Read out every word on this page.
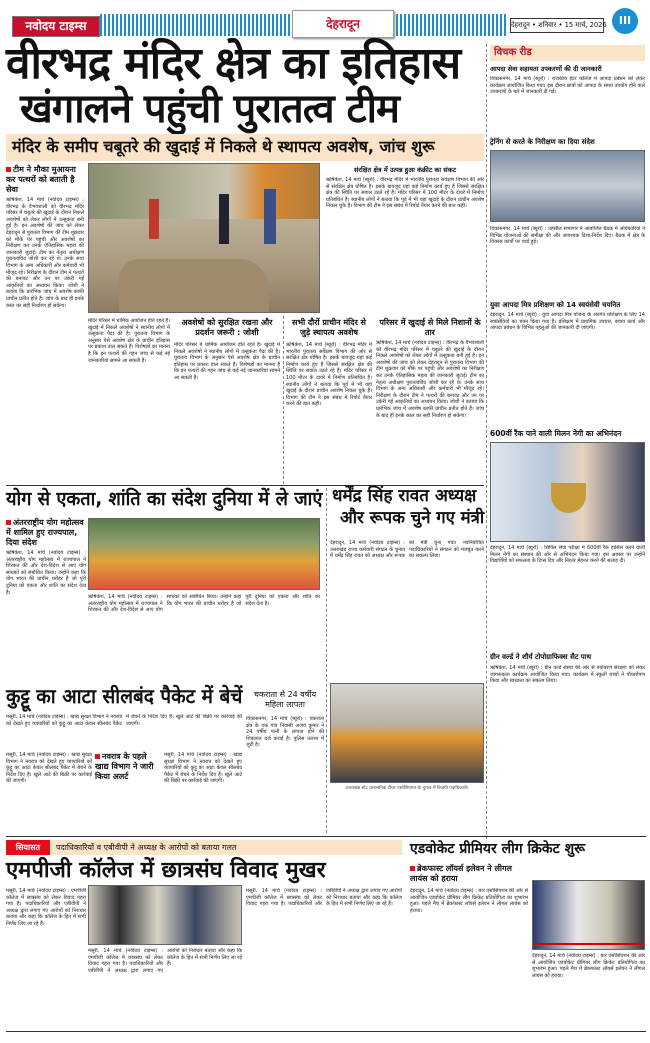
नवोदय टाइम्स	देहरादून	देहरादून • शनिवार • 15 मार्च, 2026	III
वीरभद्र मंदिर क्षेत्र का इतिहास
खंगालने पहुंची पुरातत्व टीम
मंदिर के समीप चबूतरे की खुदाई में निकले थे स्थापत्य अवशेष, जांच शुरू
टीम ने मौका मुआयना कर पत्थरों को बताती है सेवा
ऋषिकेश, 14 मार्च (नवोदय टाइम्स) : वीरभद्र के वैभवशाली को वीरभद्र मंदिर परिसर में चबूतरे की खुदाई के दौरान निकले अवशेषों को लेकर लोगों में उत्सुकता बनी हुई है। इन अवशेषों की जांच को लेकर देहरादून से पुरातत्व विभाग की टीम शुक्रवार को मौके पर पहुंची और अवशेषों का निरीक्षण कर उनके ऐतिहासिक महत्व की जानकारी जुटाई। टीम का नेतृत्व अधीक्षण पुरातत्वविद जोशी कर रहे थे। उनके साथ विभाग के अन्य अधिकारी और कर्मचारी भी मौजूद रहे। निरीक्षण के दौरान टीम ने पत्थरों की बनावट और उन पर उकेरी गई आकृतियों का अध्ययन किया। जोशी ने बताया कि प्रारंभिक जांच में अवशेष काफी प्राचीन प्रतीत होते हैं। जांच के बाद ही इनके काल का सही निर्धारण हो सकेगा।
संरक्षित क्षेत्र में उत्पन्न हुआ कंक्रीट का संकट
ऋषिकेश, 14 मार्च (ब्यूरो) : वीरभद्र मंदिर में भारतीय पुरातत्व सर्वेक्षण विभाग की ओर से संरक्षित क्षेत्र घोषित है। इसके बावजूद यहां कई निर्माण कार्य हुए हैं जिससे संरक्षित क्षेत्र की स्थिति पर सवाल उठते रहे हैं। मंदिर परिसर में 100 मीटर के दायरे में निर्माण प्रतिबंधित है। स्थानीय लोगों ने बताया कि पूर्व में भी यहां खुदाई के दौरान प्राचीन अवशेष निकल चुके हैं। विभाग की टीम ने इस संबंध में रिपोर्ट तैयार करने की बात कही।
मंदिर परिसर में धार्मिक आयोजन होते रहते हैं। खुदाई में निकले अवशेषों ने स्थानीय लोगों में उत्सुकता पैदा की है। पुरातत्व विभाग के अनुसार ऐसे अवशेष क्षेत्र के प्राचीन इतिहास पर प्रकाश डाल सकते हैं। विशेषज्ञों का मानना है कि इन पत्थरों की गहन जांच से कई नई जानकारियां सामने आ सकती हैं।
अवशेषों को सुरक्षित रखना और प्रदर्शन जरूरी : जोशी
मंदिर परिसर में धार्मिक आयोजन होते रहते हैं। खुदाई में निकले अवशेषों ने स्थानीय लोगों में उत्सुकता पैदा की है। पुरातत्व विभाग के अनुसार ऐसे अवशेष क्षेत्र के प्राचीन इतिहास पर प्रकाश डाल सकते हैं। विशेषज्ञों का मानना है कि इन पत्थरों की गहन जांच से कई नई जानकारियां सामने आ सकती हैं।
सभी दौरों प्राचीन मंदिर से जुड़े स्थापत्य अवशेष
ऋषिकेश, 14 मार्च (ब्यूरो) : वीरभद्र मंदिर में भारतीय पुरातत्व सर्वेक्षण विभाग की ओर से संरक्षित क्षेत्र घोषित है। इसके बावजूद यहां कई निर्माण कार्य हुए हैं जिससे संरक्षित क्षेत्र की स्थिति पर सवाल उठते रहे हैं। मंदिर परिसर में 100 मीटर के दायरे में निर्माण प्रतिबंधित है। स्थानीय लोगों ने बताया कि पूर्व में भी यहां खुदाई के दौरान प्राचीन अवशेष निकल चुके हैं। विभाग की टीम ने इस संबंध में रिपोर्ट तैयार करने की बात कही।
परिसर में खुदाई से मिले निशानों के तार
ऋषिकेश, 14 मार्च (नवोदय टाइम्स) : वीरभद्र के वैभवशाली को वीरभद्र मंदिर परिसर में चबूतरे की खुदाई के दौरान निकले अवशेषों को लेकर लोगों में उत्सुकता बनी हुई है। इन अवशेषों की जांच को लेकर देहरादून से पुरातत्व विभाग की टीम शुक्रवार को मौके पर पहुंची और अवशेषों का निरीक्षण कर उनके ऐतिहासिक महत्व की जानकारी जुटाई। टीम का नेतृत्व अधीक्षण पुरातत्वविद जोशी कर रहे थे। उनके साथ विभाग के अन्य अधिकारी और कर्मचारी भी मौजूद रहे। निरीक्षण के दौरान टीम ने पत्थरों की बनावट और उन पर उकेरी गई आकृतियों का अध्ययन किया। जोशी ने बताया कि प्रारंभिक जांच में अवशेष काफी प्राचीन प्रतीत होते हैं। जांच के बाद ही इनके काल का सही निर्धारण हो सकेगा।
विचक रीड
आपदा सेवा सहायता उपकरणों की दी जानकारी
विकासनगर, 14 मार्च (ब्यूरो) : राजकीय इंटर कॉलेज में आपदा प्रबंधन को लेकर कार्यक्रम आयोजित किया गया। इस दौरान छात्रों को आपदा के समय उपयोग होने वाले उपकरणों के बारे में जानकारी दी गई।
ट्रेनिंग से करते के निरीक्षण का दिया संदेश
विकासनगर, 14 मार्च (ब्यूरो) : तहसील सभागार में आयोजित बैठक में अधिकारियों ने विभिन्न योजनाओं की समीक्षा की और आवश्यक दिशा-निर्देश दिए। बैठक में क्षेत्र के विकास कार्यों पर चर्चा हुई।
युवा आपदा मित्र प्रशिक्षण को 14 स्वयंसेवी चयनित
देहरादून, 14 मार्च (ब्यूरो) : युवा आपदा मित्र योजना के अंतर्गत प्रशिक्षण के लिए 14 स्वयंसेवियों का चयन किया गया है। प्रशिक्षण में प्राथमिक उपचार, बचाव कार्य और आपदा प्रबंधन के विभिन्न पहलुओं की जानकारी दी जाएगी।
600वीं रैंक पाने वाली मिलन नेगी का अभिनंदन
देहरादून, 14 मार्च (ब्यूरो) : सिविल सेवा परीक्षा में 600वीं रैंक हासिल करने वाली मिलन नेगी का संस्थान की ओर से अभिनंदन किया गया। इस अवसर पर उन्होंने विद्यार्थियों को सफलता के टिप्स दिए और निरंतर मेहनत करने की सलाह दी।
ग्रीन वर्ल्ड ने शौर्य टोपोग्राफिक्स सैट पाथ
ऋषिकेश, 14 मार्च (ब्यूरो) : ग्रीन वर्ल्ड संस्था की ओर से पर्यावरण संरक्षण को लेकर जागरूकता कार्यक्रम आयोजित किया गया। कार्यक्रम में स्कूली बच्चों ने पौधारोपण किया और स्वच्छता का संकल्प लिया।
योग से एकता, शांति का संदेश दुनिया में ले जाएं
अंतरराष्ट्रीय योग महोत्सव में शामिल हुए राज्यपाल, दिया संदेश
ऋषिकेश, 14 मार्च (नवोदय टाइम्स) : अंतरराष्ट्रीय योग महोत्सव में राज्यपाल ने शिरकत की और देश-विदेश से आए योग साधकों को संबोधित किया। उन्होंने कहा कि योग भारत की प्राचीन धरोहर है जो पूरी दुनिया को एकता और शांति का संदेश देता है।
ऋषिकेश, 14 मार्च (नवोदय टाइम्स) : अंतरराष्ट्रीय योग महोत्सव में राज्यपाल ने शिरकत की और देश-विदेश से आए योग साधकों को संबोधित किया। उन्होंने कहा कि योग भारत की प्राचीन धरोहर है जो पूरी दुनिया को एकता और शांति का संदेश देता है।
धर्मेंद्र सिंह रावत अध्यक्ष
और रूपक चुने गए मंत्री
देहरादून, 14 मार्च (नवोदय टाइम्स) : उत्तराखंड राज्य कर्मचारी संगठन के चुनाव में धर्मेंद्र सिंह रावत को अध्यक्ष और रूपक को मंत्री चुना गया। नवनिर्वाचित पदाधिकारियों ने संगठन को मजबूत करने का संकल्प लिया।
उत्तराखंड स्टेट प्रशासनिक टीचर एसोसिएशन के चुनाव में विजयी पदाधिकारी।
कुट्टू का आटा सीलबंद पैकेट में बेचें
मसूरी, 14 मार्च (नवोदय टाइम्स) : खाद्य सुरक्षा विभाग ने नवरात्र को देखते हुए व्यापारियों को कुट्टू का आटा केवल सीलबंद पैकेट में बेचने के निर्देश दिए हैं। खुले आटे की बिक्री पर कार्रवाई की जाएगी।
नवरात्र के पहले खाद्य विभाग ने जारी किया अलर्ट
मसूरी, 14 मार्च (नवोदय टाइम्स) : खाद्य सुरक्षा विभाग ने नवरात्र को देखते हुए व्यापारियों को कुट्टू का आटा केवल सीलबंद पैकेट में बेचने के निर्देश दिए हैं। खुले आटे की बिक्री पर कार्रवाई की जाएगी।
मसूरी, 14 मार्च (नवोदय टाइम्स) : खाद्य सुरक्षा विभाग ने नवरात्र को देखते हुए व्यापारियों को कुट्टू का आटा केवल सीलबंद पैकेट में बेचने के निर्देश दिए हैं। खुले आटे की बिक्री पर कार्रवाई की जाएगी।
चकराता से 24 वर्षीय महिला लापता
विकासनगर, 14 मार्च (ब्यूरो) : चकराता क्षेत्र के एक गांव निवासी अजय कुमार ने 24 वर्षीय पत्नी के लापता होने की शिकायत दर्ज कराई है। पुलिस तलाश में जुटी है।
सियासत	पदाधिकारियों व एबीवीपी ने अध्यक्ष के आरोपों को बताया गलत
एमपीजी कॉलेज में छात्रसंघ विवाद मुखर
मसूरी, 14 मार्च (नवोदय टाइम्स) : एमपीजी कॉलेज में छात्रसंघ को लेकर विवाद गहरा गया है। पदाधिकारियों और एबीवीपी ने अध्यक्ष द्वारा लगाए गए आरोपों को निराधार बताया और कहा कि कॉलेज के हित में सभी निर्णय लिए जा रहे हैं।
मसूरी, 14 मार्च (नवोदय टाइम्स) : एमपीजी कॉलेज में छात्रसंघ को लेकर विवाद गहरा गया है। पदाधिकारियों और एबीवीपी ने अध्यक्ष द्वारा लगाए गए आरोपों को निराधार बताया और कहा कि कॉलेज के हित में सभी निर्णय लिए जा रहे हैं।
मसूरी, 14 मार्च (नवोदय टाइम्स) : एमपीजी कॉलेज में छात्रसंघ को लेकर विवाद गहरा गया है। पदाधिकारियों और एबीवीपी ने अध्यक्ष द्वारा लगाए गए आरोपों को निराधार बताया और कहा कि कॉलेज के हित में सभी निर्णय लिए जा रहे हैं।
एडवोकेट प्रीमियर लीग क्रिकेट शुरू
ब्रेकफास्ट लॉयर्स इलेवन ने लीगल लायंस को हराया
देहरादून, 14 मार्च (नवोदय टाइम्स) : बार एसोसिएशन की ओर से आयोजित एडवोकेट प्रीमियर लीग क्रिकेट प्रतियोगिता का शुभारंभ हुआ। पहले मैच में ब्रेकफास्ट लॉयर्स इलेवन ने लीगल लायंस को हराया।
देहरादून, 14 मार्च (नवोदय टाइम्स) : बार एसोसिएशन की ओर से आयोजित एडवोकेट प्रीमियर लीग क्रिकेट प्रतियोगिता का शुभारंभ हुआ। पहले मैच में ब्रेकफास्ट लॉयर्स इलेवन ने लीगल लायंस को हराया।
